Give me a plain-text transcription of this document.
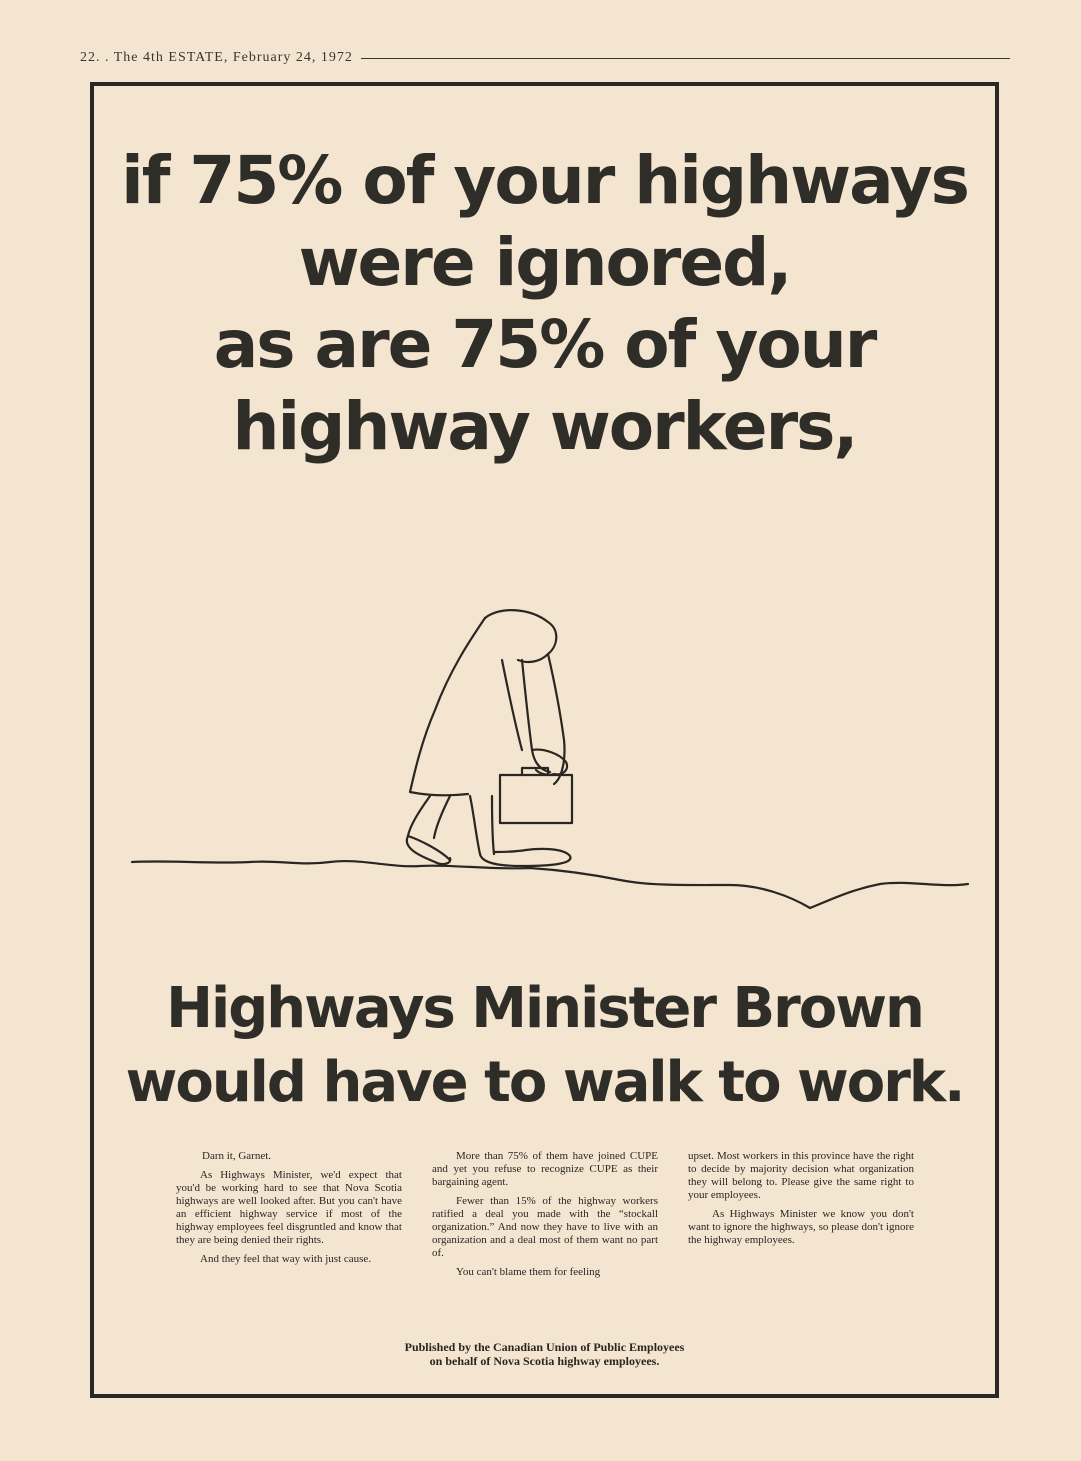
22. . The 4th ESTATE, February 24, 1972
if 75% of your highways
were ignored,
as are 75% of your
highway workers,
Highways Minister Brown
would have to walk to work.

Darn it, Garnet.

As Highways Minister, we'd expect that you'd be working hard to see that Nova Scotia highways are well looked after. But you can't have an efficient highway service if most of the highway employees feel disgruntled and know that they are being denied their rights.

And they feel that way with just cause.

More than 75% of them have joined CUPE and yet you refuse to recognize CUPE as their bargaining agent.

Fewer than 15% of the highway workers ratified a deal you made with the “stockall organization.” And now they have to live with an organization and a deal most of them want no part of.

You can't blame them for feeling

upset. Most workers in this province have the right to decide by majority decision what organization they will belong to. Please give the same right to your employees.

As Highways Minister we know you don't want to ignore the highways, so please don't ignore the highway employees.

Published by the Canadian Union of Public Employees
on behalf of Nova Scotia highway employees.
